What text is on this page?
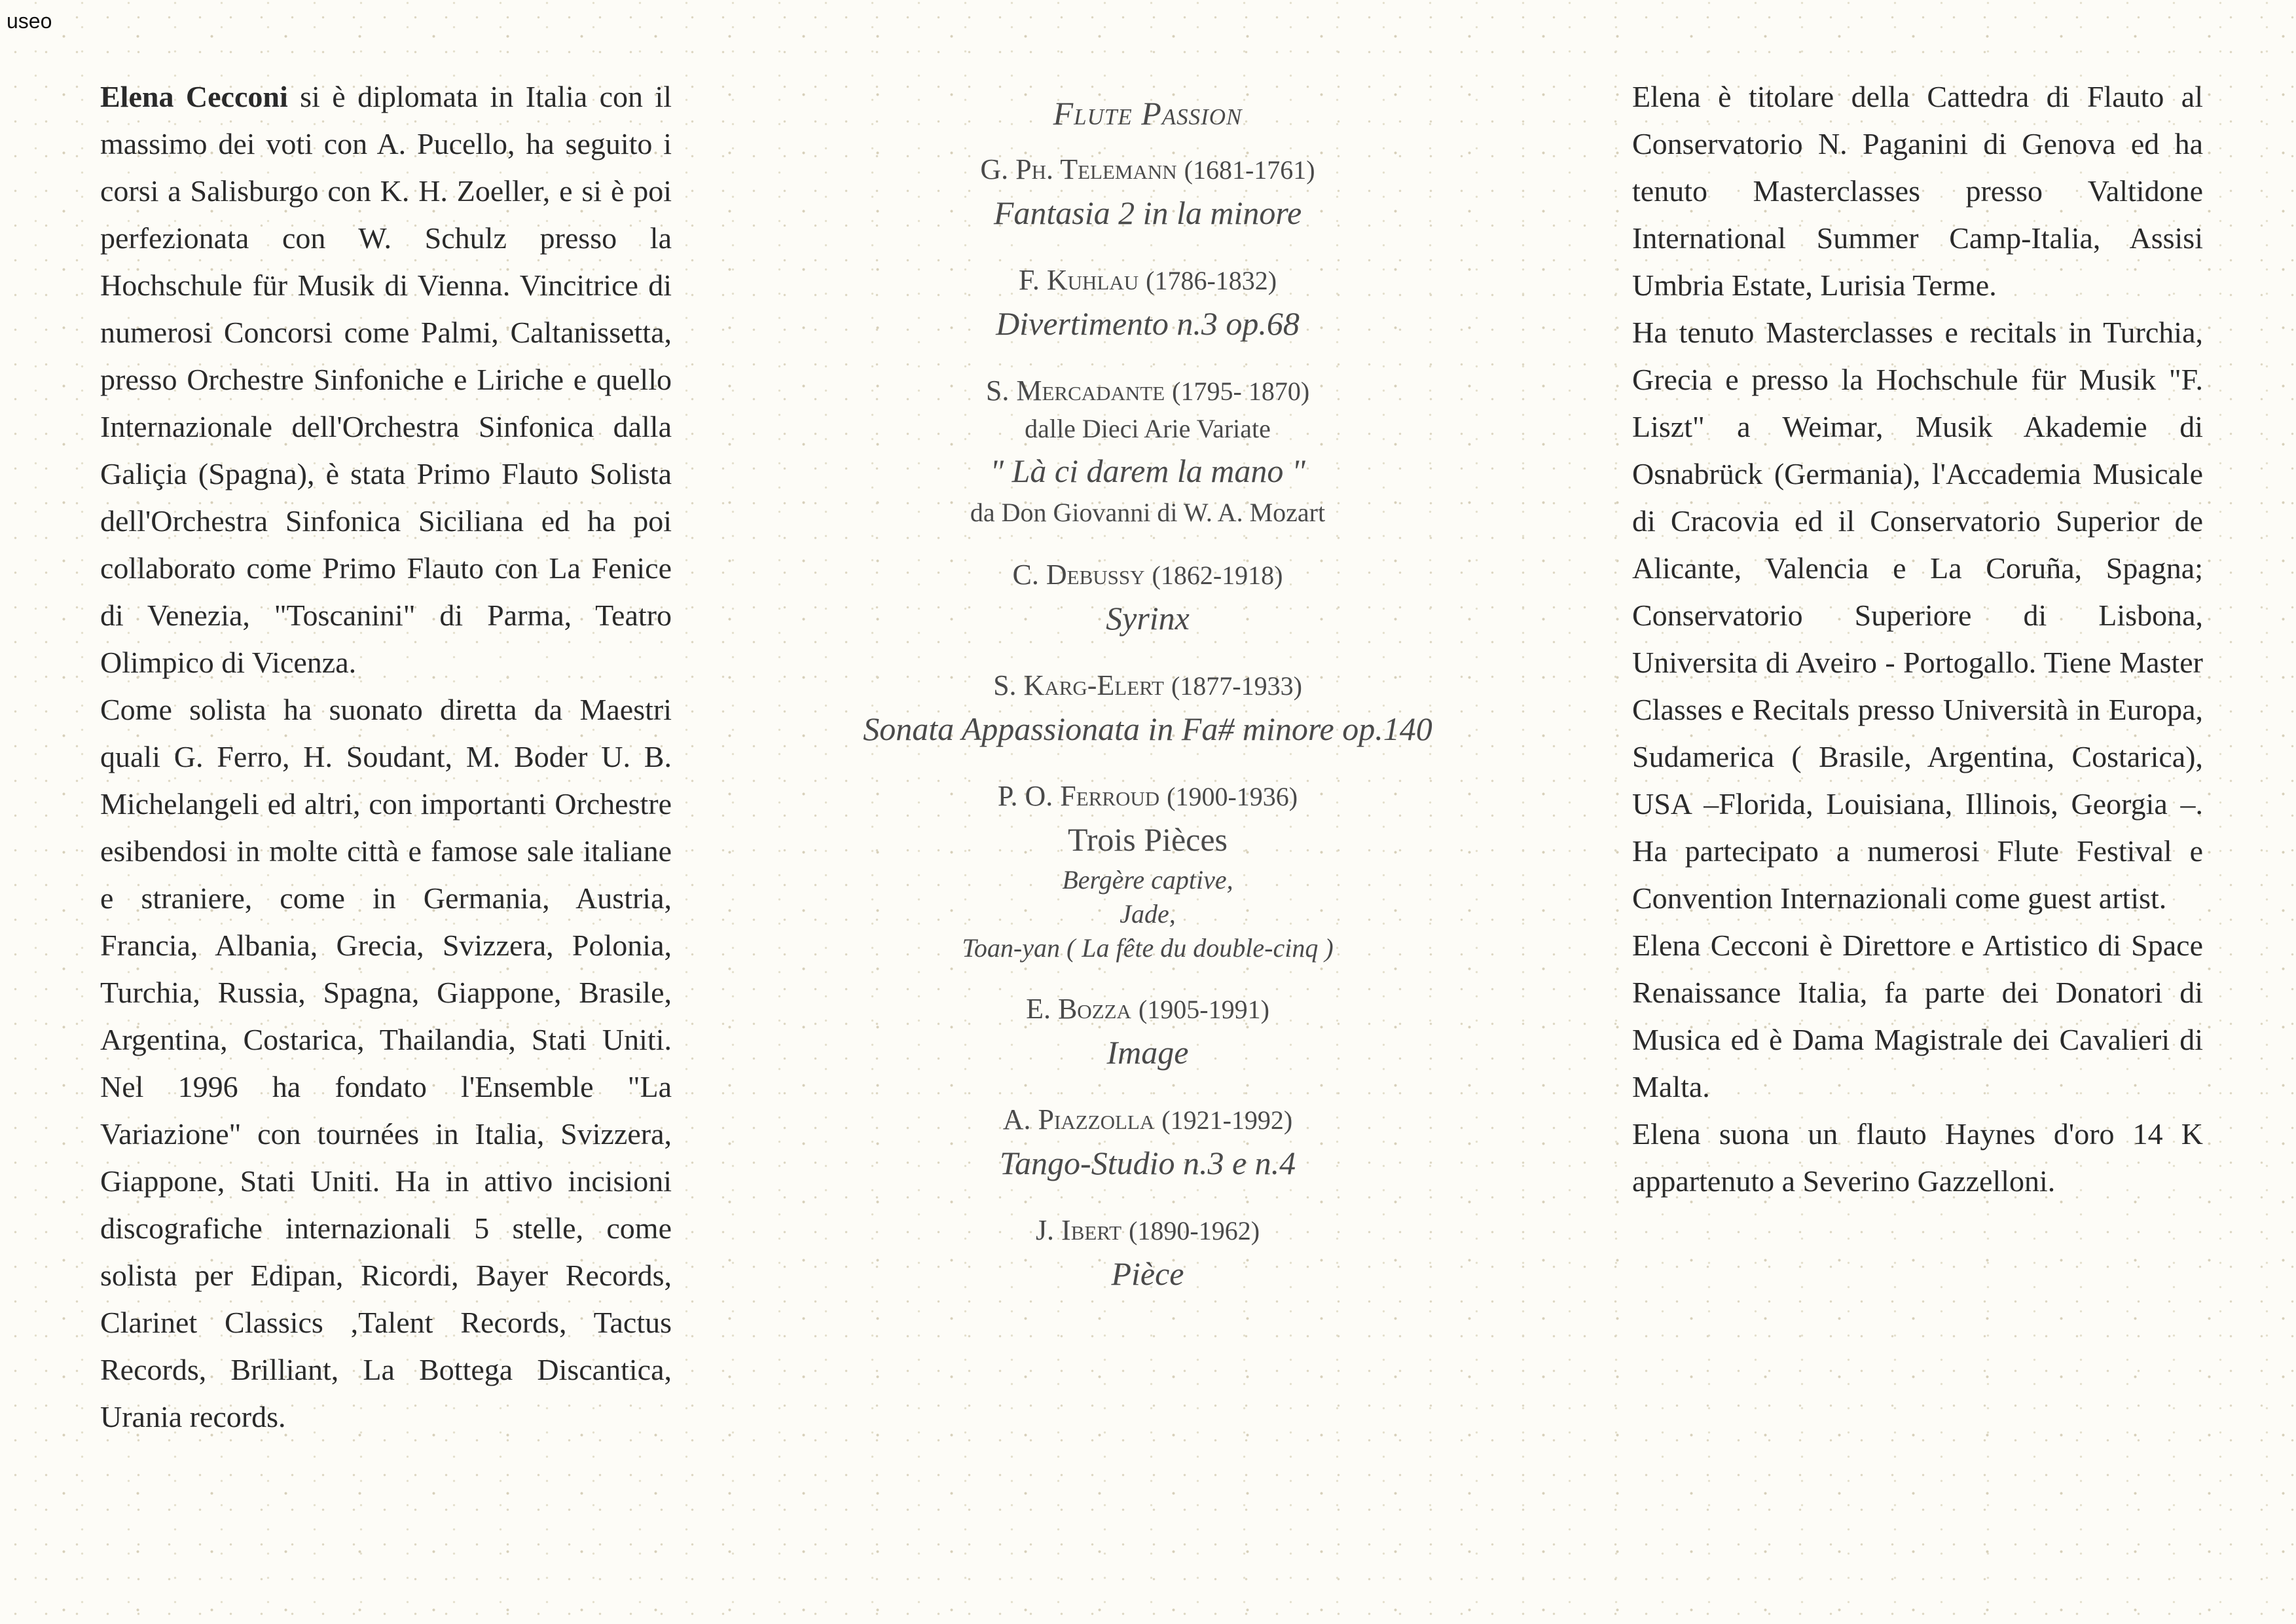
useo

Elena Cecconi si è diplomata in Italia con il massimo dei voti con A. Pucello, ha seguito i corsi a Salisburgo con K. H. Zoeller, e si è poi perfezionata con W. Schulz presso la Hochschule für Musik di Vienna. Vincitrice di numerosi Concorsi come Palmi, Caltanissetta, presso Orchestre Sinfoniche e Liriche e quello Internazionale dell'Orchestra Sinfonica dalla Galiçia (Spagna), è stata Primo Flauto Solista dell'Orchestra Sinfonica Siciliana ed ha poi collaborato come Primo Flauto con La Fenice di Venezia, "Toscanini" di Parma, Teatro Olimpico di Vicenza.

Come solista ha suonato diretta da Maestri quali G. Ferro, H. Soudant, M. Boder U. B. Michelangeli ed altri, con importanti Orchestre esibendosi in molte città e famose sale italiane e straniere, come in Germania, Austria, Francia, Albania, Grecia, Svizzera, Polonia, Turchia, Russia, Spagna, Giappone, Brasile, Argentina, Costarica, Thailandia, Stati Uniti. Nel 1996 ha fondato l'Ensemble "La Variazione" con tournées in Italia, Svizzera, Giappone, Stati Uniti. Ha in attivo incisioni discografiche internazionali 5 stelle, come solista per Edipan, Ricordi, Bayer Records, Clarinet Classics ,Talent Records, Tactus Records, Brilliant, La Bottega Discantica, Urania records.

Flute Passion
G. Ph. Telemann (1681-1761)
Fantasia 2 in la minore
F. Kuhlau (1786-1832)
Divertimento n.3 op.68
S. Mercadante (1795- 1870)
dalle Dieci Arie Variate
" Là ci darem la mano "
da Don Giovanni di W. A. Mozart
C. Debussy (1862-1918)
Syrinx
S. Karg-Elert (1877-1933)
Sonata Appassionata in Fa# minore op.140
P. O. Ferroud (1900-1936)
Trois Pièces
Bergère captive,
Jade,
Toan-yan ( La fête du double-cinq )
E. Bozza (1905-1991)
Image
A. Piazzolla (1921-1992)
Tango-Studio n.3 e n.4
J. Ibert (1890-1962)
Pièce

Elena è titolare della Cattedra di Flauto al Conservatorio N. Paganini di Genova ed ha tenuto Masterclasses presso Valtidone International Summer Camp-Italia, Assisi Umbria Estate, Lurisia Terme.

Ha tenuto Masterclasses e recitals in Turchia, Grecia e presso la Hochschule für Musik "F. Liszt" a Weimar, Musik Akademie di Osnabrück (Germania), l'Accademia Musicale di Cracovia ed il Conservatorio Superior de Alicante, Valencia e La Coruña, Spagna; Conservatorio Superiore di Lisbona, Universita di Aveiro - Portogallo. Tiene Master Classes e Recitals presso Università in Europa, Sudamerica ( Brasile, Argentina, Costarica), USA –Florida, Louisiana, Illinois, Georgia –. Ha partecipato a numerosi Flute Festival e Convention Internazionali come guest artist.

Elena Cecconi è Direttore e Artistico di Space Renaissance Italia, fa parte dei Donatori di Musica ed è Dama Magistrale dei Cavalieri di Malta.

Elena suona un flauto Haynes d'oro 14 K appartenuto a Severino Gazzelloni.
